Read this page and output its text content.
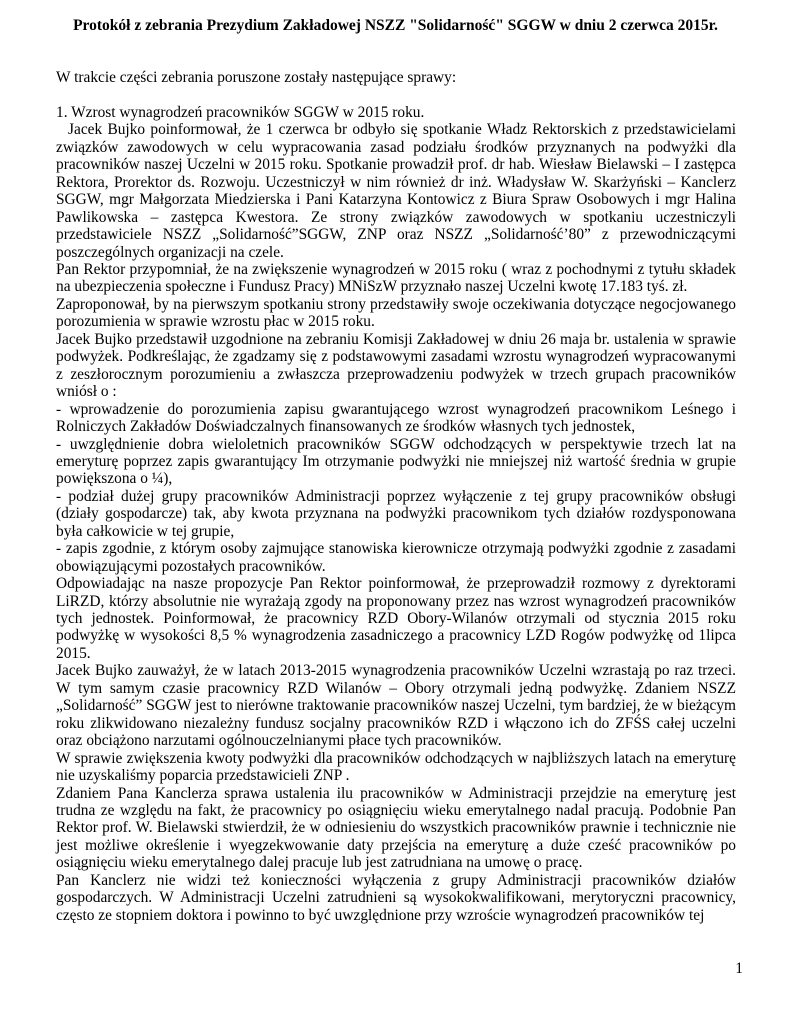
Protokół z zebrania Prezydium Zakładowej NSZZ "Solidarność" SGGW w dniu 2 czerwca 2015r.

W trakcie części zebrania poruszone zostały następujące sprawy:

1. Wzrost wynagrodzeń pracowników SGGW w 2015 roku.

Jacek Bujko poinformował, że 1 czerwca br odbyło się spotkanie Władz Rektorskich z przedstawicielami związków zawodowych w celu wypracowania zasad podziału środków przyznanych na podwyżki dla pracowników naszej Uczelni w 2015 roku. Spotkanie prowadził prof. dr hab. Wiesław Bielawski – I zastępca Rektora, Prorektor ds. Rozwoju. Uczestniczył w nim również dr inż. Władysław W. Skarżyński – Kanclerz SGGW, mgr Małgorzata Miedzierska i Pani Katarzyna Kontowicz z Biura Spraw Osobowych i mgr Halina Pawlikowska – zastępca Kwestora. Ze strony związków zawodowych w spotkaniu uczestniczyli przedstawiciele NSZZ „Solidarność”SGGW, ZNP oraz NSZZ „Solidarność’80” z przewodniczącymi poszczególnych organizacji na czele.

Pan Rektor przypomniał, że na zwiększenie wynagrodzeń w 2015 roku ( wraz z pochodnymi z tytułu składek na ubezpieczenia społeczne i Fundusz Pracy) MNiSzW przyznało naszej Uczelni kwotę 17.183 tyś. zł.

Zaproponował, by na pierwszym spotkaniu strony przedstawiły swoje oczekiwania dotyczące negocjowanego porozumienia w sprawie wzrostu płac w 2015 roku.

Jacek Bujko przedstawił uzgodnione na zebraniu Komisji Zakładowej w dniu 26 maja br. ustalenia w sprawie podwyżek. Podkreślając, że zgadzamy się z podstawowymi zasadami wzrostu wynagrodzeń wypracowanymi z zeszłorocznym porozumieniu a zwłaszcza przeprowadzeniu podwyżek w trzech grupach pracowników wniósł o :

- wprowadzenie do porozumienia zapisu gwarantującego wzrost wynagrodzeń pracownikom Leśnego i Rolniczych Zakładów Doświadczalnych finansowanych ze środków własnych tych jednostek,

- uwzględnienie dobra wieloletnich pracowników SGGW odchodzących w perspektywie trzech lat na emeryturę poprzez zapis gwarantujący Im otrzymanie podwyżki nie mniejszej niż wartość średnia w grupie powiększona o ¼),

- podział dużej grupy pracowników Administracji poprzez wyłączenie z tej grupy pracowników obsługi (działy gospodarcze) tak, aby kwota przyznana na podwyżki pracownikom tych działów rozdysponowana była całkowicie w tej grupie,

- zapis zgodnie, z którym osoby zajmujące stanowiska kierownicze otrzymają podwyżki zgodnie z zasadami obowiązującymi pozostałych pracowników.

Odpowiadając na nasze propozycje Pan Rektor poinformował, że przeprowadził rozmowy z dyrektorami LiRZD, którzy absolutnie nie wyrażają zgody na proponowany przez nas wzrost wynagrodzeń pracowników tych jednostek. Poinformował, że pracownicy RZD Obory-Wilanów otrzymali od stycznia 2015 roku podwyżkę w wysokości 8,5 % wynagrodzenia zasadniczego a pracownicy LZD Rogów podwyżkę od 1lipca 2015.

Jacek Bujko zauważył, że w latach 2013-2015 wynagrodzenia pracowników Uczelni wzrastają po raz trzeci. W tym samym czasie pracownicy RZD Wilanów – Obory otrzymali jedną podwyżkę. Zdaniem NSZZ „Solidarność” SGGW jest to nierówne traktowanie pracowników naszej Uczelni, tym bardziej, że w bieżącym roku zlikwidowano niezależny fundusz socjalny pracowników RZD i włączono ich do ZFŚS całej uczelni oraz obciążono narzutami ogólnouczelnianymi płace tych pracowników.

W sprawie zwiększenia kwoty podwyżki dla pracowników odchodzących w najbliższych latach na emeryturę nie uzyskaliśmy poparcia przedstawicieli ZNP .

Zdaniem Pana Kanclerza sprawa ustalenia ilu pracowników w Administracji przejdzie na emeryturę jest trudna ze względu na fakt, że pracownicy po osiągnięciu wieku emerytalnego nadal pracują. Podobnie Pan Rektor prof. W. Bielawski stwierdził, że w odniesieniu do wszystkich pracowników prawnie i technicznie nie jest możliwe określenie i wyegzekwowanie daty przejścia na emeryturę a duże cześć pracowników po osiągnięciu wieku emerytalnego dalej pracuje lub jest zatrudniana na umowę o pracę.

Pan Kanclerz nie widzi też konieczności wyłączenia z grupy Administracji pracowników działów gospodarczych. W Administracji Uczelni zatrudnieni są wysokokwalifikowani, merytoryczni pracownicy, często ze stopniem doktora i powinno to być uwzględnione przy wzroście wynagrodzeń pracowników tej

1
